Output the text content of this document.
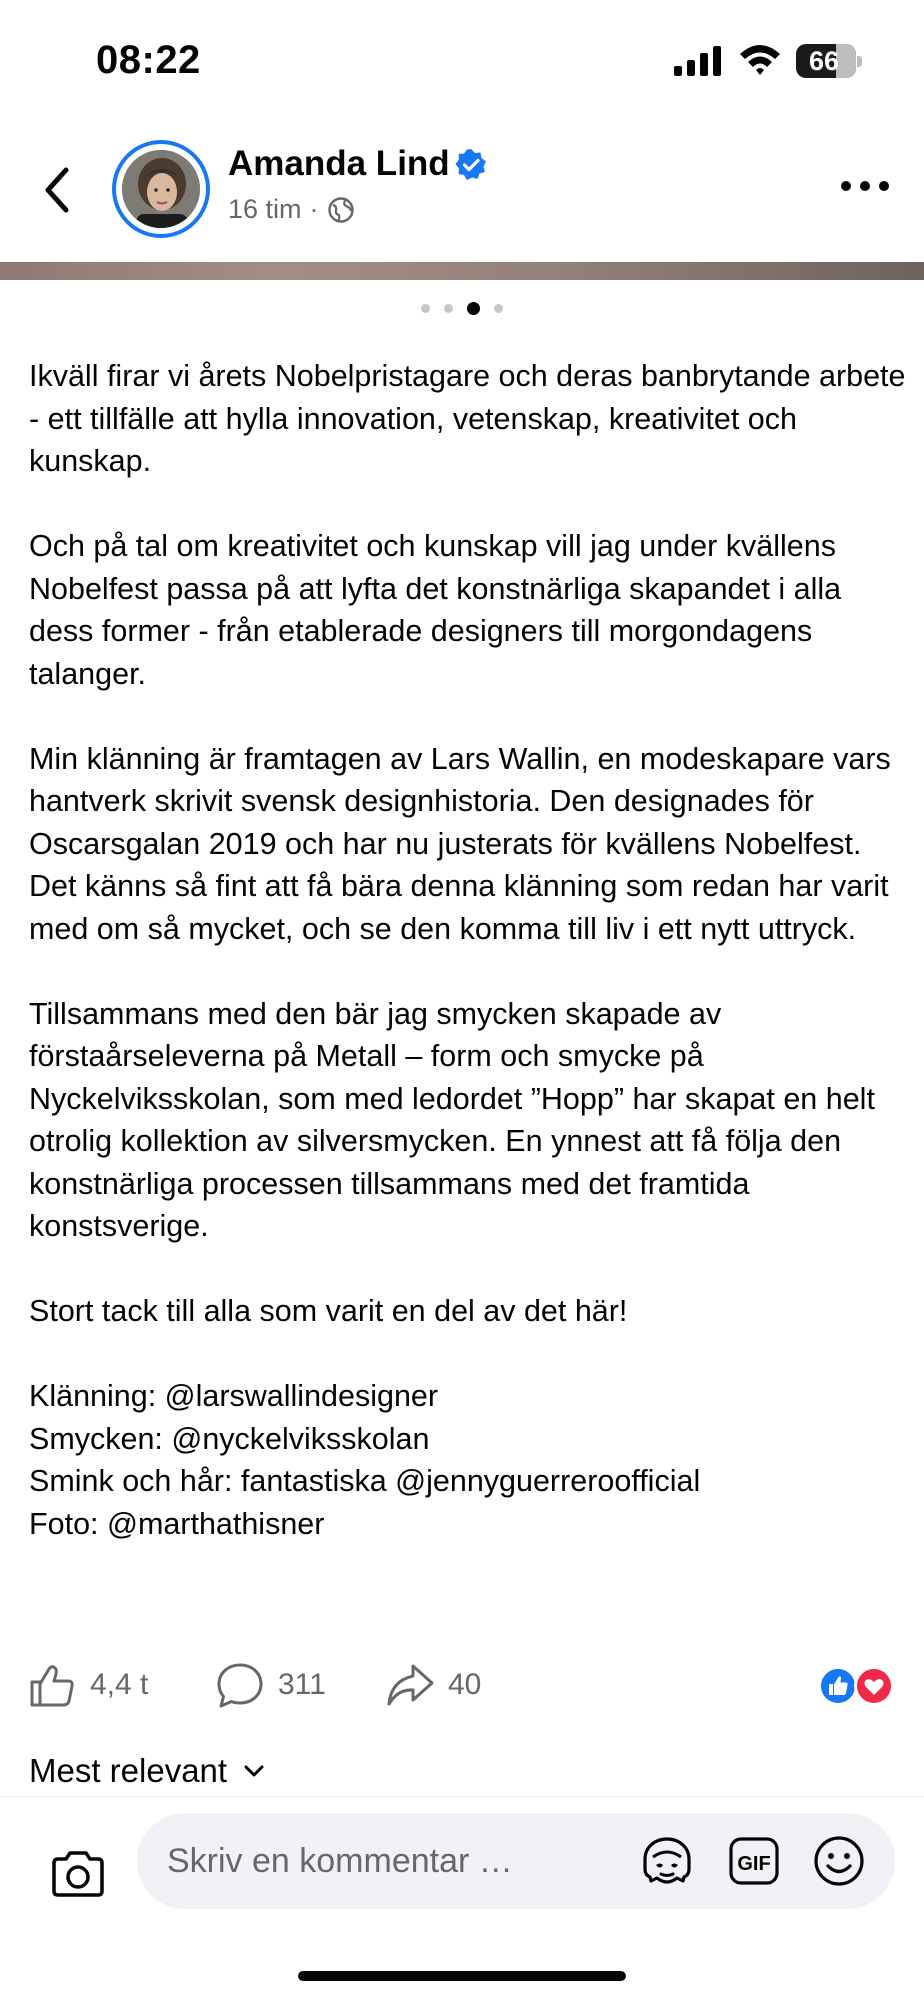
08:22	66
Amanda Lind
16 tim ·

Ikväll firar vi årets Nobelpristagare och deras banbrytande arbete - ett tillfälle att hylla innovation, vetenskap, kreativitet och kunskap.

Och på tal om kreativitet och kunskap vill jag under kvällens Nobelfest passa på att lyfta det konstnärliga skapandet i alla dess former - från etablerade designers till morgondagens talanger.

Min klänning är framtagen av Lars Wallin, en modeskapare vars hantverk skrivit svensk designhistoria. Den designades för Oscarsgalan 2019 och har nu justerats för kvällens Nobelfest. Det känns så fint att få bära denna klänning som redan har varit med om så mycket, och se den komma till liv i ett nytt uttryck.

Tillsammans med den bär jag smycken skapade av förstaårseleverna på Metall – form och smycke på Nyckelviksskolan, som med ledordet ”Hopp” har skapat en helt otrolig kollektion av silversmycken. En ynnest att få följa den konstnärliga processen tillsammans med det framtida konstsverige.

Stort tack till alla som varit en del av det här!

Klänning: @larswallindesigner

Smycken: @nyckelviksskolan

Smink och hår: fantastiska @jennyguerreroofficial

Foto: @marthathisner

4,4 t	311	40
Mest relevant
Skriv en kommentar …
GIF
